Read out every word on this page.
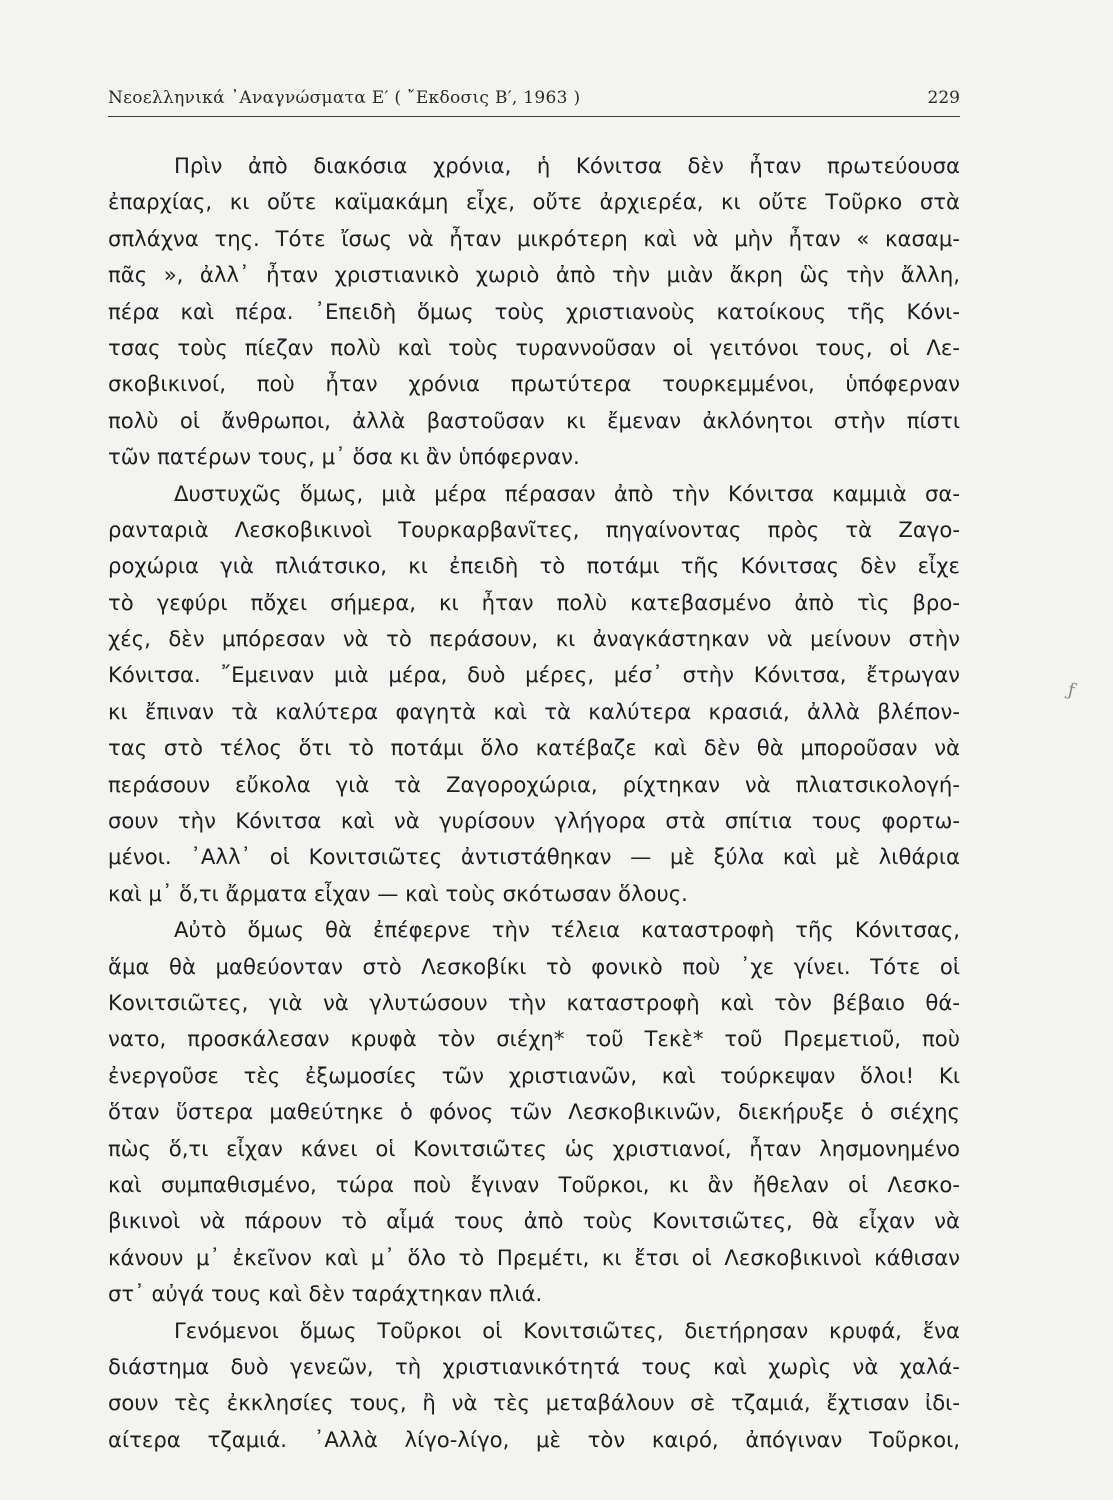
Νεοελληνικά ᾿Αναγνώσματα Ε′ ( ῎Εκδοσις Β′, 1963 )	229
Πρὶν ἀπὸ διακόσια χρόνια, ἡ Κόνιτσα δὲν ἦταν πρωτεύουσα
ἐπαρχίας, κι οὔτε καϊμακάμη εἶχε, οὔτε ἀρχιερέα, κι οὔτε Τοῦρκο στὰ
σπλάχνα της. Τότε ἴσως νὰ ἦταν μικρότερη καὶ νὰ μὴν ἦταν « κασαμ-
πᾶς », ἀλλ᾿ ἦταν χριστιανικὸ χωριὸ ἀπὸ τὴν μιὰν ἄκρη ὣς τὴν ἄλλη,
πέρα καὶ πέρα. ᾿Επειδὴ ὅμως τοὺς χριστιανοὺς κατοίκους τῆς Κόνι-
τσας τοὺς πίεζαν πολὺ καὶ τοὺς τυραννοῦσαν οἱ γειτόνοι τους, οἱ Λε-
σκοβικινοί, ποὺ ἦταν χρόνια πρωτύτερα τουρκεμμένοι, ὑπόφερναν
πολὺ οἱ ἄνθρωποι, ἀλλὰ βαστοῦσαν κι ἔμεναν ἀκλόνητοι στὴν πίστι
τῶν πατέρων τους, μ᾿ ὅσα κι ἂν ὑπόφερναν.
Δυστυχῶς ὅμως, μιὰ μέρα πέρασαν ἀπὸ τὴν Κόνιτσα καμμιὰ σα-
ρανταριὰ Λεσκοβικινοὶ Τουρκαρβανῖτες, πηγαίνοντας πρὸς τὰ Ζαγο-
ροχώρια γιὰ πλιάτσικο, κι ἐπειδὴ τὸ ποτάμι τῆς Κόνιτσας δὲν εἶχε
τὸ γεφύρι πὄχει σήμερα, κι ἦταν πολὺ κατεβασμένο ἀπὸ τὶς βρο-
χές, δὲν μπόρεσαν νὰ τὸ περάσουν, κι ἀναγκάστηκαν νὰ μείνουν στὴν
Κόνιτσα. ῎Εμειναν μιὰ μέρα, δυὸ μέρες, μέσ᾿ στὴν Κόνιτσα, ἔτρωγαν
κι ἔπιναν τὰ καλύτερα φαγητὰ καὶ τὰ καλύτερα κρασιά, ἀλλὰ βλέπον-
τας στὸ τέλος ὅτι τὸ ποτάμι ὅλο κατέβαζε καὶ δὲν θὰ μποροῦσαν νὰ
περάσουν εὔκολα γιὰ τὰ Ζαγοροχώρια, ρίχτηκαν νὰ πλιατσικολογή-
σουν τὴν Κόνιτσα καὶ νὰ γυρίσουν γλήγορα στὰ σπίτια τους φορτω-
μένοι. ᾿Αλλ᾿ οἱ Κονιτσιῶτες ἀντιστάθηκαν — μὲ ξύλα καὶ μὲ λιθάρια
καὶ μ᾿ ὅ,τι ἄρματα εἶχαν — καὶ τοὺς σκότωσαν ὅλους.
Αὐτὸ ὅμως θὰ ἐπέφερνε τὴν τέλεια καταστροφὴ τῆς Κόνιτσας,
ἅμα θὰ μαθεύονταν στὸ Λεσκοβίκι τὸ φονικὸ ποὺ ᾿χε γίνει. Τότε οἱ
Κονιτσιῶτες, γιὰ νὰ γλυτώσουν τὴν καταστροφὴ καὶ τὸν βέβαιο θά-
νατο, προσκάλεσαν κρυφὰ τὸν σιέχη* τοῦ Τεκὲ* τοῦ Πρεμετιοῦ, ποὺ
ἐνεργοῦσε τὲς ἐξωμοσίες τῶν χριστιανῶν, καὶ τούρκεψαν ὅλοι! Κι
ὅταν ὕστερα μαθεύτηκε ὁ φόνος τῶν Λεσκοβικινῶν, διεκήρυξε ὁ σιέχης
πὼς ὅ,τι εἶχαν κάνει οἱ Κονιτσιῶτες ὡς χριστιανοί, ἦταν λησμονημένο
καὶ συμπαθισμένο, τώρα ποὺ ἔγιναν Τοῦρκοι, κι ἂν ἤθελαν οἱ Λεσκο-
βικινοὶ νὰ πάρουν τὸ αἷμά τους ἀπὸ τοὺς Κονιτσιῶτες, θὰ εἶχαν νὰ
κάνουν μ᾿ ἐκεῖνον καὶ μ᾿ ὅλο τὸ Πρεμέτι, κι ἔτσι οἱ Λεσκοβικινοὶ κάθισαν
στ᾿ αὐγά τους καὶ δὲν ταράχτηκαν πλιά.
Γενόμενοι ὅμως Τοῦρκοι οἱ Κονιτσιῶτες, διετήρησαν κρυφά, ἕνα
διάστημα δυὸ γενεῶν, τὴ χριστιανικότητά τους καὶ χωρὶς νὰ χαλά-
σουν τὲς ἐκκλησίες τους, ἢ νὰ τὲς μεταβάλουν σὲ τζαμιά, ἔχτισαν ἰδι-
αίτερα τζαμιά. ᾿Αλλὰ λίγο-λίγο, μὲ τὸν καιρό, ἀπόγιναν Τοῦρκοι,
ƒ
